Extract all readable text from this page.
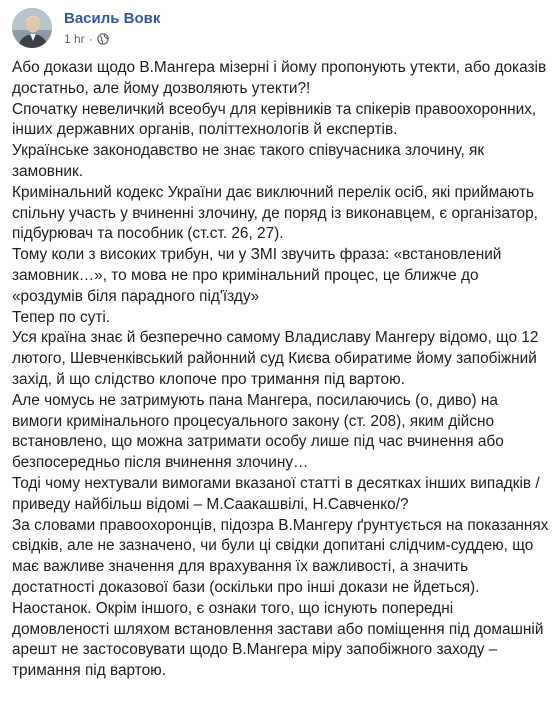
Василь Вовк
1 hr ·

Або докази щодо В.Мангера мізерні і йому пропонують утекти, або доказів достатньо, але йому дозволяють утекти?!

Спочатку невеличкий всеобуч для керівників та спікерів правоохоронних, інших державних органів, політтехнологів й експертів.

Українське законодавство не знає такого співучасника злочину, як замовник.

Кримінальний кодекс України дає виключний перелік осіб, які приймають спільну участь у вчиненні злочину, де поряд із виконавцем, є організатор, підбурювач та пособник (ст.ст. 26, 27).

Тому коли з високих трибун, чи у ЗМІ звучить фраза: «встановлений замовник…», то мова не про кримінальний процес, це ближче до «роздумів біля парадного під'їзду»

Тепер по суті.

Уся країна знає й безперечно самому Владиславу Мангеру відомо, що 12 лютого, Шевченківський районний суд Києва обиратиме йому запобіжний захід, й що слідство клопоче про тримання під вартою.

Але чомусь не затримують пана Мангера, посилаючись (о, диво) на вимоги кримінального процесуального закону (ст. 208), яким дійсно встановлено, що можна затримати особу лише під час вчинення або безпосередньо після вчинення злочину…

Тоді чому нехтували вимогами вказаної статті в десятках інших випадків /приведу найбільш відомі – М.Саакашвілі, Н.Савченко/?

За словами правоохоронців, підозра В.Мангеру ґрунтується на показаннях свідків, але не зазначено, чи були ці свідки допитані слідчим-суддею, що має важливе значення для врахування їх важливості, а значить достатності доказової бази (оскільки про інші докази не йдеться).

Наостанок. Окрім іншого, є ознаки того, що існують попередні домовленості шляхом встановлення застави або поміщення під домашній арешт не застосовувати щодо В.Мангера міру запобіжного заходу – тримання під вартою.
